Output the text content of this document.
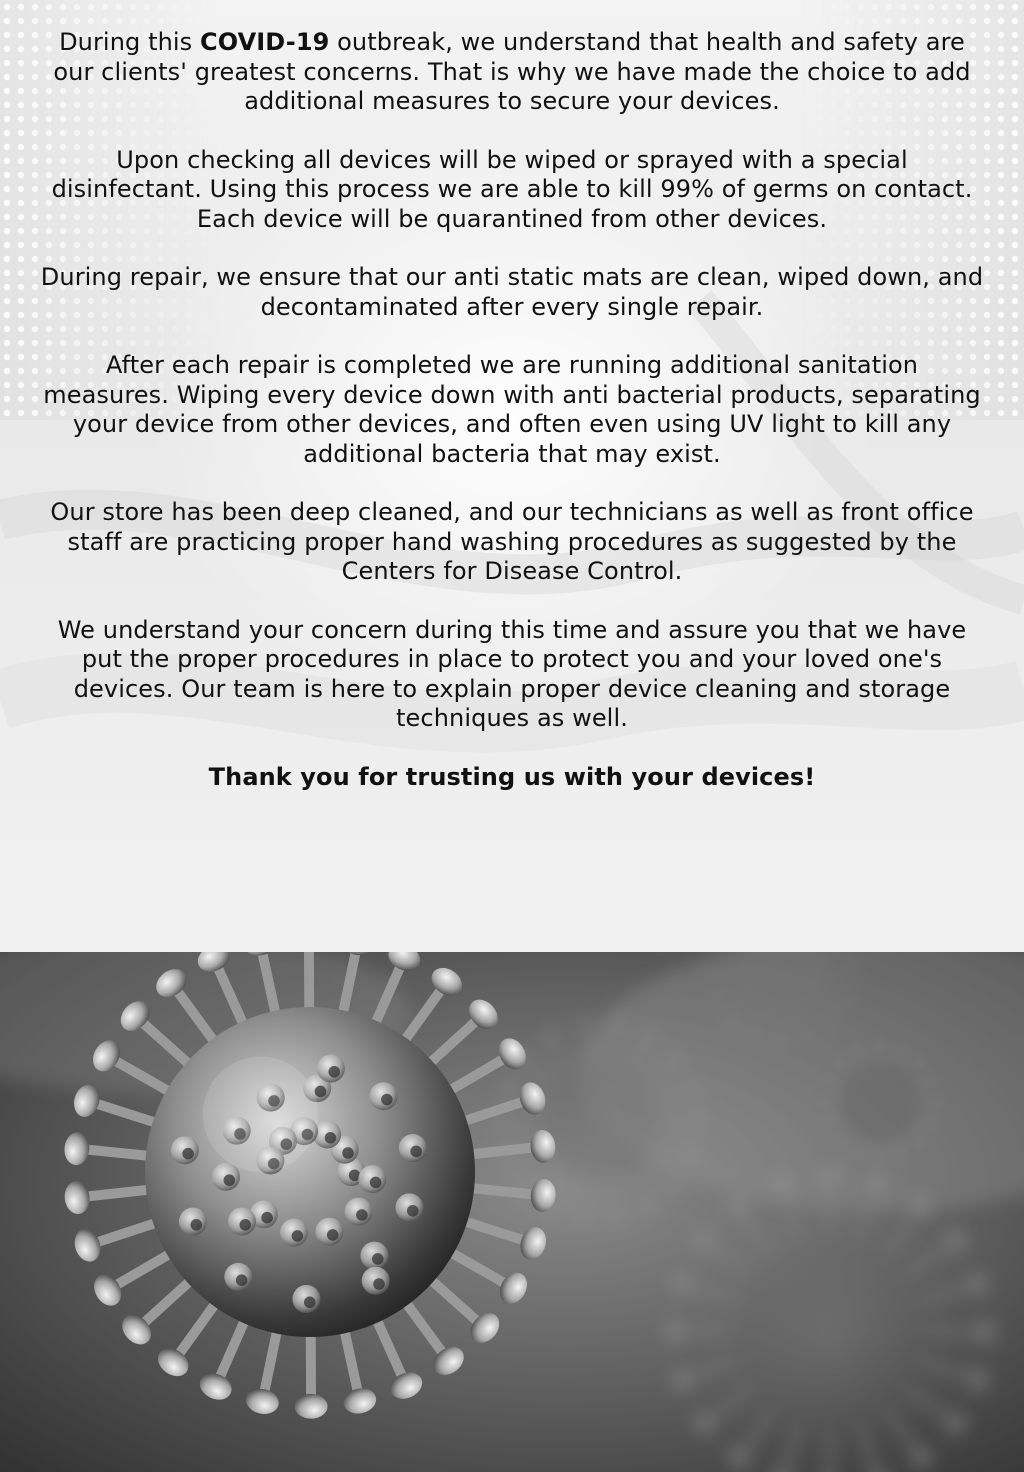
During this COVID-19 outbreak, we understand that health and safety are our clients' greatest concerns. That is why we have made the choice to add additional measures to secure your devices.

Upon checking all devices will be wiped or sprayed with a special disinfectant. Using this process we are able to kill 99% of germs on contact. Each device will be quarantined from other devices.

During repair, we ensure that our anti static mats are clean, wiped down, and decontaminated after every single repair.

After each repair is completed we are running additional sanitation measures. Wiping every device down with anti bacterial products, separating your device from other devices, and often even using UV light to kill any additional bacteria that may exist.

Our store has been deep cleaned, and our technicians as well as front office staff are practicing proper hand washing procedures as suggested by the Centers for Disease Control.

We understand your concern during this time and assure you that we have put the proper procedures in place to protect you and your loved one's devices. Our team is here to explain proper device cleaning and storage techniques as well.

Thank you for trusting us with your devices!
